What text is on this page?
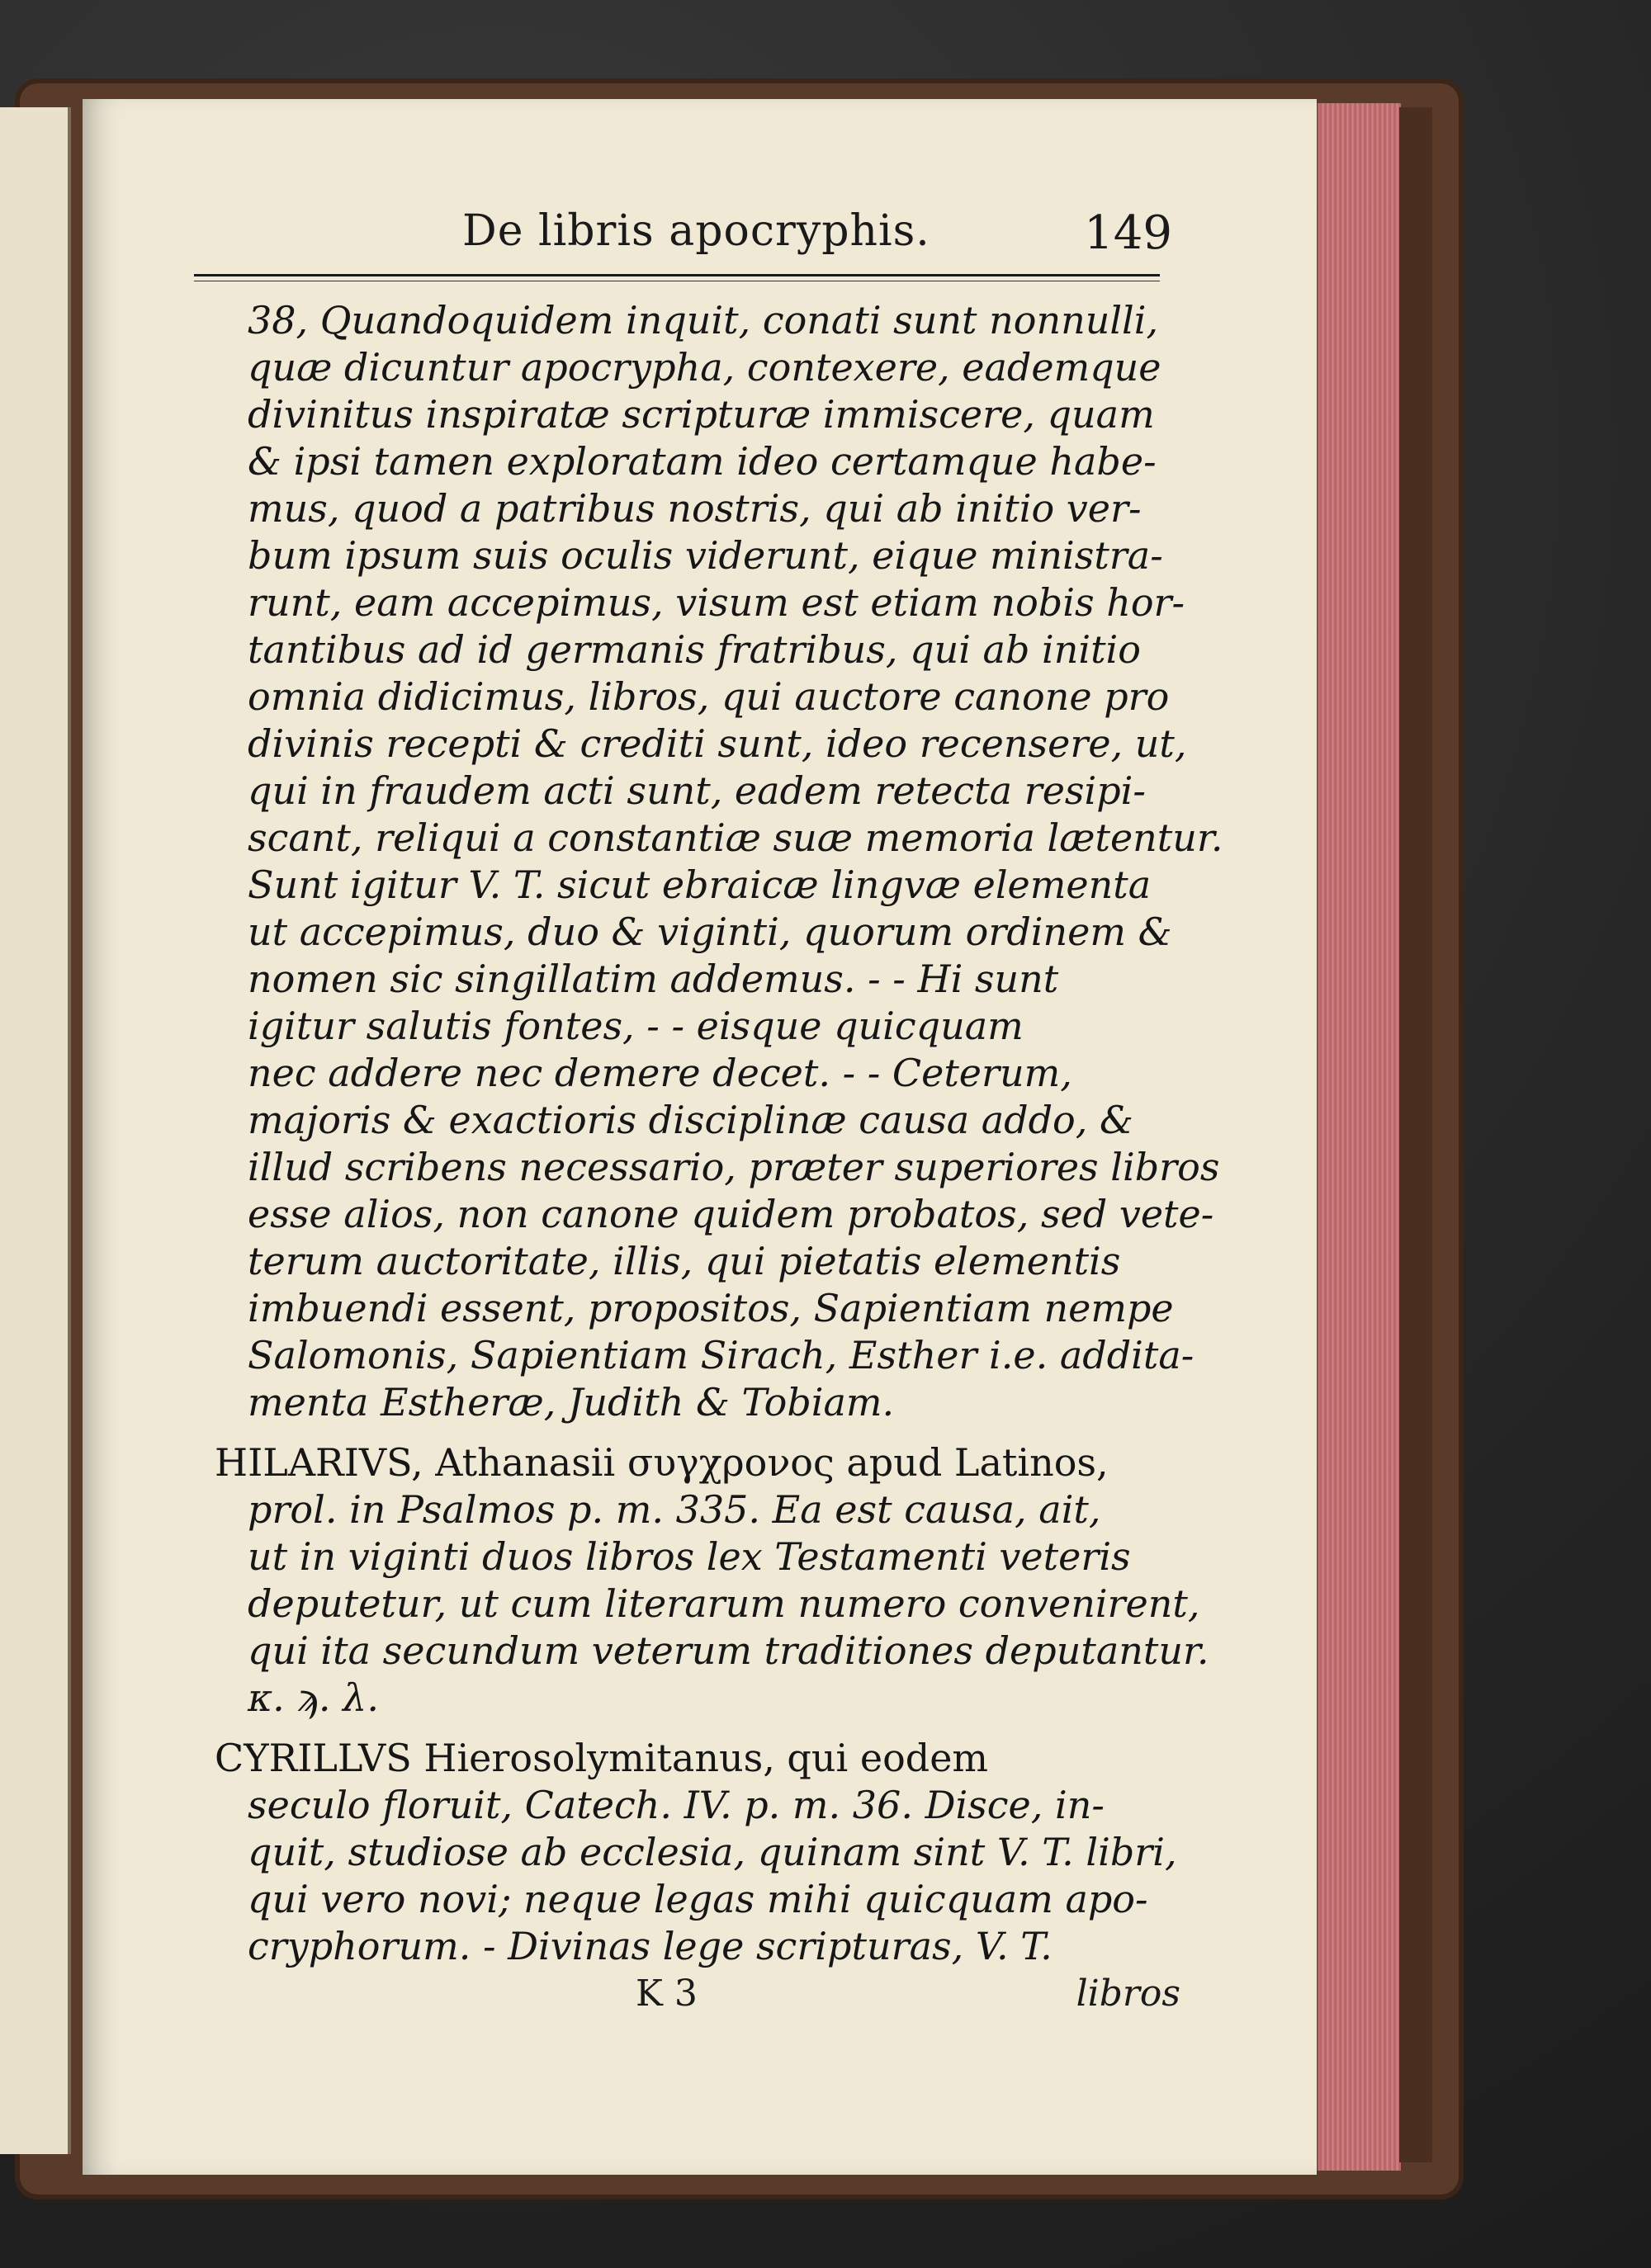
De libris apocryphis.	149
38, Quandoquidem inquit, conati sunt nonnulli,
quæ dicuntur apocrypha, contexere, eademque
divinitus inspiratæ scripturæ immiscere, quam
& ipsi tamen exploratam ideo certamque habe-
mus, quod a patribus nostris, qui ab initio ver-
bum ipsum suis oculis viderunt, eique ministra-
runt, eam accepimus, visum est etiam nobis hor-
tantibus ad id germanis fratribus, qui ab initio
omnia didicimus, libros, qui auctore canone pro
divinis recepti & crediti sunt, ideo recensere, ut,
qui in fraudem acti sunt, eadem retecta resipi-
scant, reliqui a constantiæ suæ memoria lætentur.
Sunt igitur V. T. sicut ebraicæ lingvæ elementa
ut accepimus, duo & viginti, quorum ordinem &
nomen sic singillatim addemus. - - Hi sunt
igitur salutis fontes, - - eisque quicquam
nec addere nec demere decet. - - Ceterum,
majoris & exactioris disciplinæ causa addo, &
illud scribens necessario, præter superiores libros
esse alios, non canone quidem probatos, sed vete-
terum auctoritate, illis, qui pietatis elementis
imbuendi essent, propositos, Sapientiam nempe
Salomonis, Sapientiam Sirach, Esther i.e. addita-
menta Estheræ, Judith & Tobiam.
HILARIVS, Athanasii συγχρονος apud Latinos,
prol. in Psalmos p. m. 335. Ea est causa, ait,
ut in viginti duos libros lex Testamenti veteris
deputetur, ut cum literarum numero convenirent,
qui ita secundum veterum traditiones deputantur.
κ. ϡ. λ.
CYRILLVS Hierosolymitanus, qui eodem
seculo floruit, Catech. IV. p. m. 36. Disce, in-
quit, studiose ab ecclesia, quinam sint V. T. libri,
qui vero novi; neque legas mihi quicquam apo-
cryphorum. - Divinas lege scripturas, V. T.
K 3	libros
